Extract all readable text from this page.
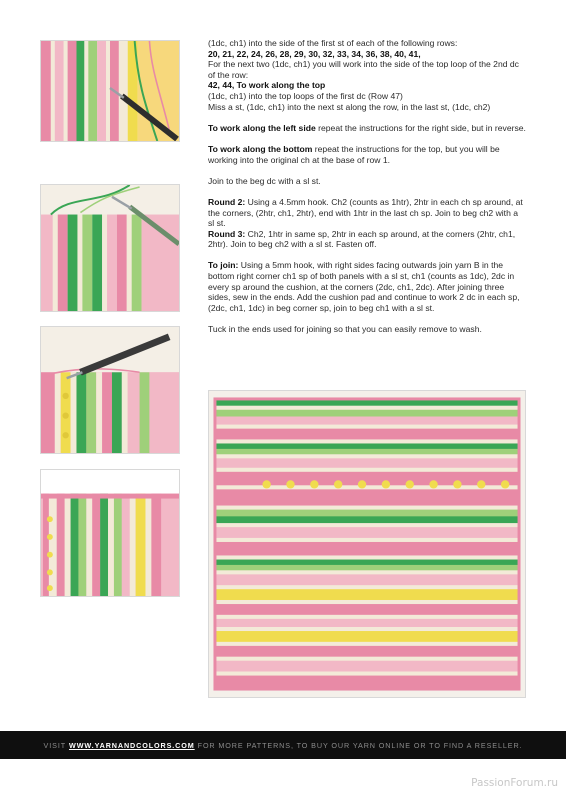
(1dc, ch1) into the side of the first st of each of the following rows:

20, 21, 22, 24, 26, 28, 29, 30, 32, 33, 34, 36, 38, 40, 41,

For the next two (1dc, ch1) you will work into the side of the top loop of the 2nd dc of the row:

42, 44, To work along the top

(1dc, ch1) into the top loops of the first dc (Row 47)

Miss a st, (1dc, ch1) into the next st along the row, in the last st, (1dc, ch2)

To work along the left side repeat the instructions for the right side, but in reverse.

To work along the bottom repeat the instructions for the top, but you will be working into the original ch at the base of row 1.

Join to the beg dc with a sl st.

Round 2: Using a 4.5mm hook. Ch2 (counts as 1htr), 2htr in each ch sp around, at the corners, (2htr, ch1, 2htr), end with 1htr in the last ch sp. Join to beg ch2 with a sl st.

Round 3: Ch2, 1htr in same sp, 2htr in each sp around, at the corners (2htr, ch1, 2htr). Join to beg ch2 with a sl st. Fasten off.

To join: Using a 5mm hook, with right sides facing outwards join yarn B in the bottom right corner ch1 sp of both panels with a sl st, ch1 (counts as 1dc), 2dc in every sp around the cushion, at the corners (2dc, ch1, 2dc). After joining three sides, sew in the ends. Add the cushion pad and continue to work 2 dc in each sp, (2dc, ch1, 1dc) in beg corner sp, join to beg ch1 with a sl st.

Tuck in the ends used for joining so that you can easily remove to wash.

VISIT WWW.YARNANDCOLORS.COM FOR MORE PATTERNS, TO BUY OUR YARN ONLINE OR TO FIND A RESELLER.
PassionForum.ru
